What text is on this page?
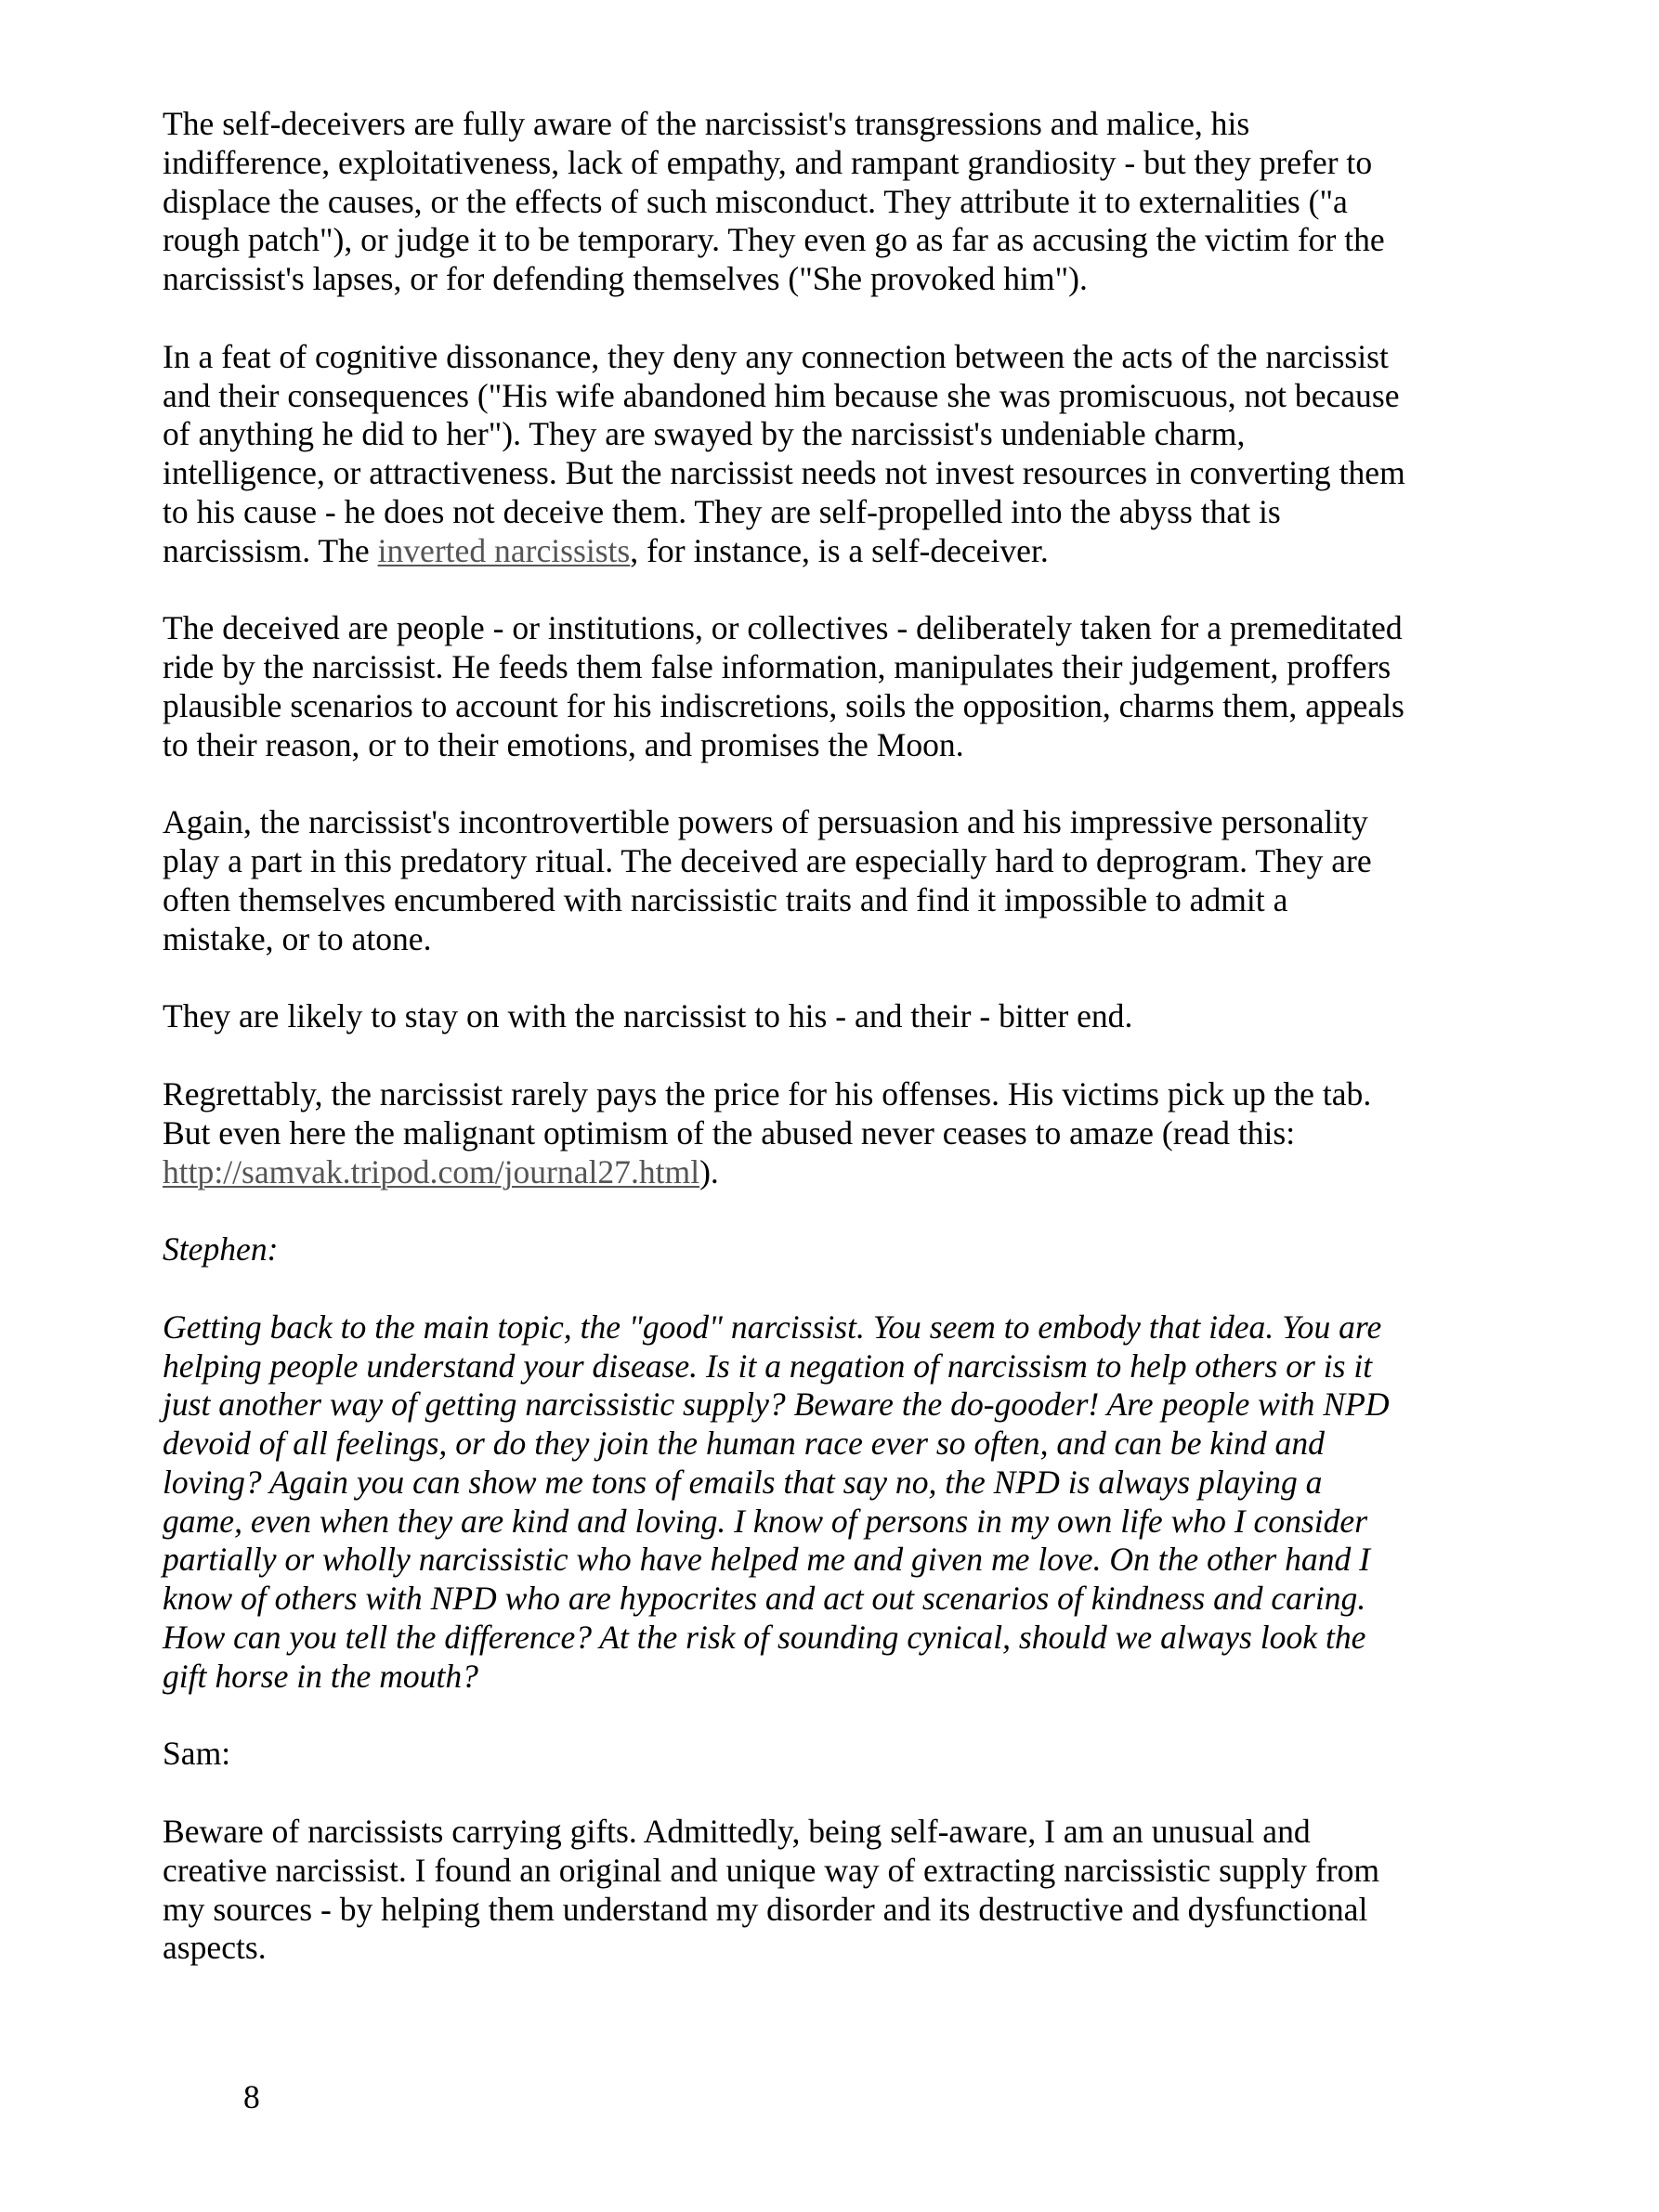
The self-deceivers are fully aware of the narcissist's transgressions and malice, his
indifference, exploitativeness, lack of empathy, and rampant grandiosity - but they prefer to
displace the causes, or the effects of such misconduct. They attribute it to externalities ("a
rough patch"), or judge it to be temporary. They even go as far as accusing the victim for the
narcissist's lapses, or for defending themselves ("She provoked him").

In a feat of cognitive dissonance, they deny any connection between the acts of the narcissist
and their consequences ("His wife abandoned him because she was promiscuous, not because
of anything he did to her"). They are swayed by the narcissist's undeniable charm,
intelligence, or attractiveness. But the narcissist needs not invest resources in converting them
to his cause - he does not deceive them. They are self-propelled into the abyss that is
narcissism. The inverted narcissists, for instance, is a self-deceiver.

The deceived are people - or institutions, or collectives - deliberately taken for a premeditated
ride by the narcissist. He feeds them false information, manipulates their judgement, proffers
plausible scenarios to account for his indiscretions, soils the opposition, charms them, appeals
to their reason, or to their emotions, and promises the Moon.

Again, the narcissist's incontrovertible powers of persuasion and his impressive personality
play a part in this predatory ritual. The deceived are especially hard to deprogram. They are
often themselves encumbered with narcissistic traits and find it impossible to admit a
mistake, or to atone.

They are likely to stay on with the narcissist to his - and their - bitter end.

Regrettably, the narcissist rarely pays the price for his offenses. His victims pick up the tab.
But even here the malignant optimism of the abused never ceases to amaze (read this:
http://samvak.tripod.com/journal27.html).

Stephen:

Getting back to the main topic, the "good" narcissist. You seem to embody that idea. You are
helping people understand your disease. Is it a negation of narcissism to help others or is it
just another way of getting narcissistic supply? Beware the do-gooder! Are people with NPD
devoid of all feelings, or do they join the human race ever so often, and can be kind and
loving? Again you can show me tons of emails that say no, the NPD is always playing a
game, even when they are kind and loving. I know of persons in my own life who I consider
partially or wholly narcissistic who have helped me and given me love. On the other hand I
know of others with NPD who are hypocrites and act out scenarios of kindness and caring.
How can you tell the difference? At the risk of sounding cynical, should we always look the
gift horse in the mouth?

Sam:

Beware of narcissists carrying gifts. Admittedly, being self-aware, I am an unusual and
creative narcissist. I found an original and unique way of extracting narcissistic supply from
my sources - by helping them understand my disorder and its destructive and dysfunctional
aspects.

8
